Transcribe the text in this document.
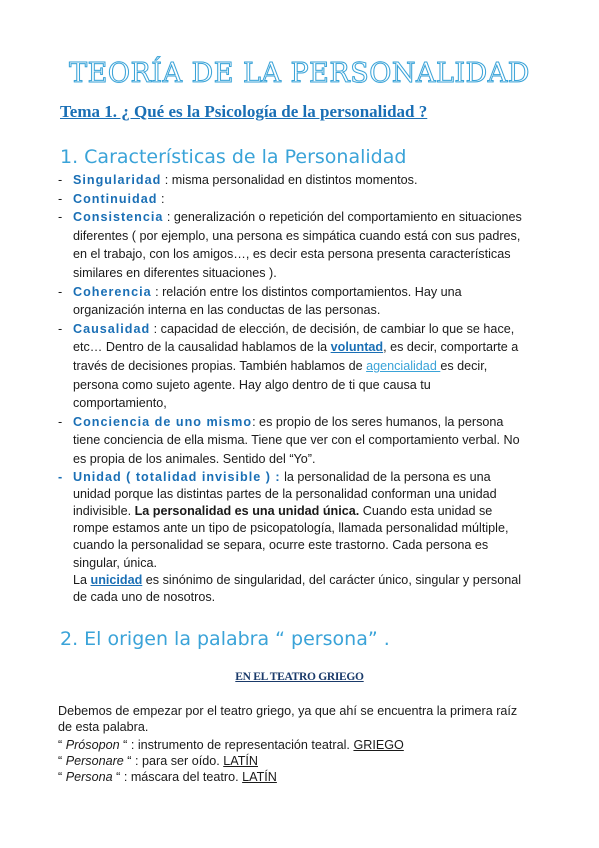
TEORÍA DE LA PERSONALIDAD
Tema 1. ¿ Qué es la Psicología de la personalidad ?
1. Características de la Personalidad
- Singularidad : misma personalidad en distintos momentos.
- Continuidad :
- Consistencia : generalización o repetición del comportamiento en situaciones diferentes ( por ejemplo, una persona es simpática cuando está con sus padres, en el trabajo, con los amigos…, es decir esta persona presenta características similares en diferentes situaciones ).
- Coherencia : relación entre los distintos comportamientos. Hay una organización interna en las conductas de las personas.
- Causalidad : capacidad de elección, de decisión, de cambiar lo que se hace, etc… Dentro de la causalidad hablamos de la voluntad, es decir, comportarte a través de decisiones propias. También hablamos de agencialidad es decir, persona como sujeto agente. Hay algo dentro de ti que causa tu comportamiento,
- Conciencia de uno mismo: es propio de los seres humanos, la persona tiene conciencia de ella misma. Tiene que ver con el comportamiento verbal. No es propia de los animales. Sentido del “Yo”.
- Unidad ( totalidad invisible ) : la personalidad de la persona es una unidad porque las distintas partes de la personalidad conforman una unidad indivisible. La personalidad es una unidad única. Cuando esta unidad se rompe estamos ante un tipo de psicopatología, llamada personalidad múltiple, cuando la personalidad se separa, ocurre este trastorno. Cada persona es singular, única.
La unicidad es sinónimo de singularidad, del carácter único, singular y personal de cada uno de nosotros.
2. El origen la palabra “ persona” .
EN EL TEATRO GRIEGO
Debemos de empezar por el teatro griego, ya que ahí se encuentra la primera raíz de esta palabra.
“ Prósopon “ : instrumento de representación teatral. GRIEGO
“ Personare “ : para ser oído. LATÍN
“ Persona “ : máscara del teatro. LATÍN
